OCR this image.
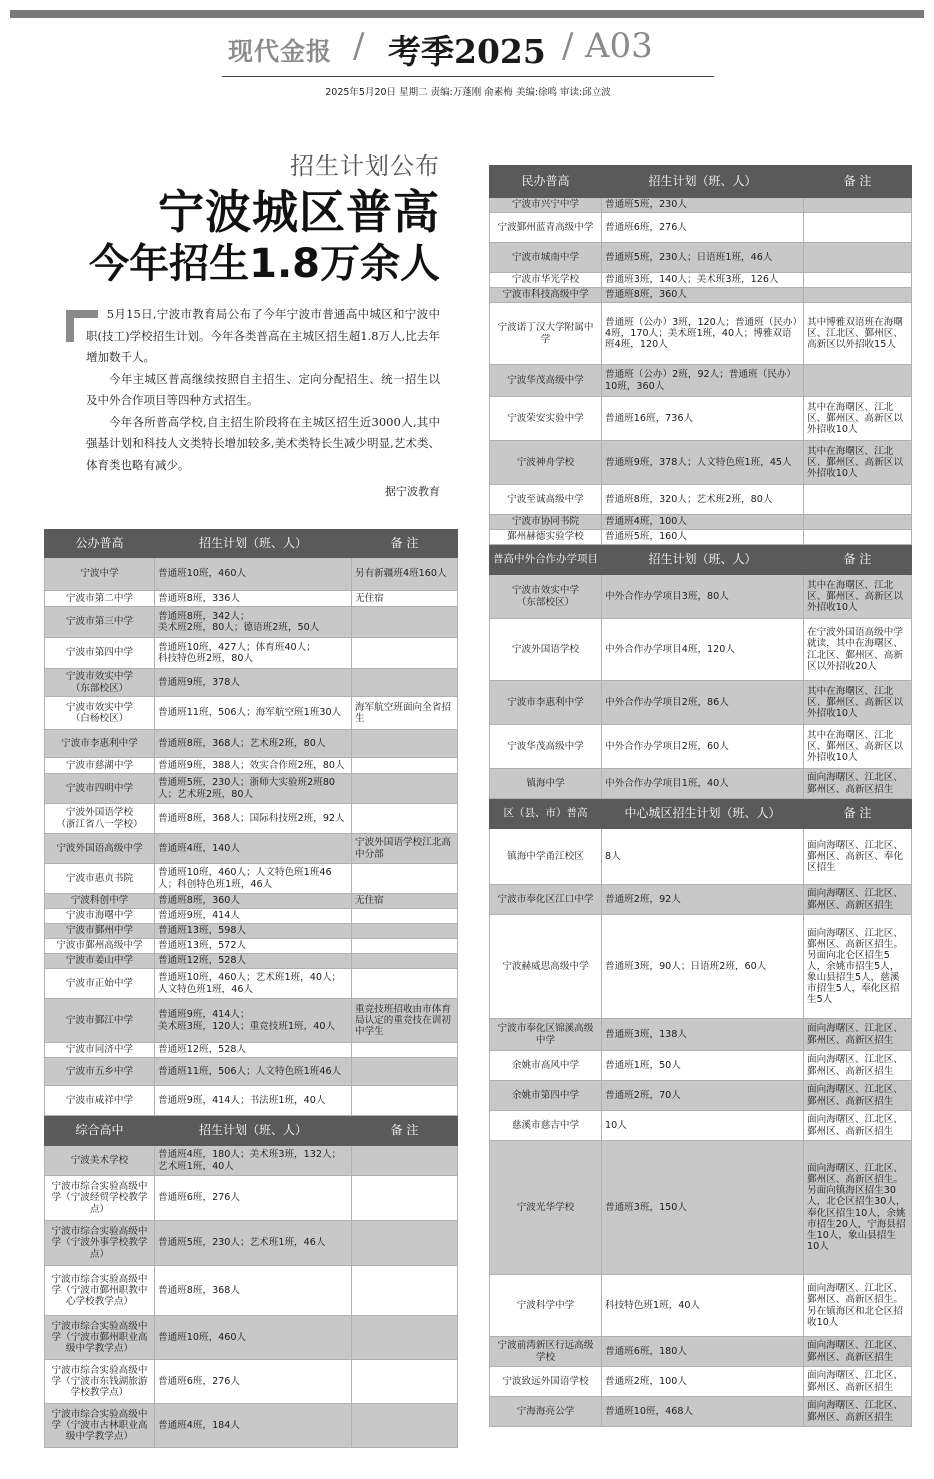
现代金报 / 考季2025 / A03
2025年5月20日 星期二 责编:万蓬刚 俞素梅 美编:徐鸣 审读:邱立波
招生计划公布
宁波城区普高
今年招生1.8万余人

5月15日,宁波市教育局公布了今年宁波市普通高中城区和宁波中职(技工)学校招生计划。今年各类普高在主城区招生超1.8万人,比去年增加数千人。

今年主城区普高继续按照自主招生、定向分配招生、统一招生以及中外合作项目等四种方式招生。

今年各所普高学校,自主招生阶段将在主城区招生近3000人,其中强基计划和科技人文类特长增加较多,美术类特长生减少明显,艺术类、体育类也略有减少。

据宁波教育
公办普高	招生计划（班、人）	备 注
宁波中学	普通班10班，460人	另有新疆班4班160人
宁波市第二中学	普通班8班，336人	无住宿
宁波市第三中学	普通班8班，342人；
美术班2班，80人；德语班2班，50人	
宁波市第四中学	普通班10班，427人；体育班40人；
科技特色班2班，80人	
宁波市效实中学
（东部校区）	普通班9班，378人	
宁波市效实中学
（白杨校区）	普通班11班，506人；海军航空班1班30人	海军航空班面向全省招生
宁波市李惠利中学	普通班8班，368人；艺术班2班，80人	
宁波市慈湖中学	普通班9班，388人；效实合作班2班，80人	
宁波市四明中学	普通班5班，230人；浙师大实验班2班80人；艺术班2班，80人	
宁波外国语学校
（浙江省八一学校）	普通班8班，368人；国际科技班2班，92人	
宁波外国语高级中学	普通班4班，140人	宁波外国语学校江北高中分部
宁波市惠贞书院	普通班10班，460人；人文特色班1班46人；科创特色班1班，46人	
宁波科创中学	普通班8班，360人	无住宿
宁波市海曙中学	普通班9班，414人	
宁波市鄞州中学	普通班13班，598人	
宁波市鄞州高级中学	普通班13班，572人	
宁波市姜山中学	普通班12班，528人	
宁波市正始中学	普通班10班，460人；艺术班1班，40人；人文特色班1班，46人	
宁波市鄞江中学	普通班9班，414人；
美术班3班，120人；重竞技班1班，40人	重竞技班招收由市体育局认定的重竞技在训初中学生
宁波市同济中学	普通班12班，528人	
宁波市五乡中学	普通班11班，506人；人文特色班1班46人	
宁波市咸祥中学	普通班9班，414人；书法班1班，40人	
综合高中	招生计划（班、人）	备 注
宁波美术学校	普通班4班，180人；美术班3班，132人；艺术班1班，40人	
宁波市综合实验高级中学（宁波经贸学校教学点）	普通班6班，276人	
宁波市综合实验高级中学（宁波外事学校教学点）	普通班5班，230人；艺术班1班，46人	
宁波市综合实验高级中学（宁波市鄞州职教中心学校教学点）	普通班8班，368人	
宁波市综合实验高级中学（宁波市鄞州职业高级中学教学点）	普通班10班，460人	
宁波市综合实验高级中学（宁波市东钱湖旅游学校教学点）	普通班6班，276人	
宁波市综合实验高级中学（宁波市古林职业高级中学教学点）	普通班4班，184人	
民办普高	招生计划（班、人）	备 注
宁波市兴宁中学	普通班5班，230人	
宁波鄞州蓝青高级中学	普通班6班，276人	
宁波市城南中学	普通班5班，230人；日语班1班，46人	
宁波市华光学校	普通班3班，140人；美术班3班，126人	
宁波市科技高级中学	普通班8班，360人	
宁波诺丁汉大学附属中学	普通班（公办）3班，120人；普通班（民办）4班，170人；美术班1班，40人；博雅双语班4班，120人	其中博雅双语班在海曙区、江北区、鄞州区、高新区以外招收15人
宁波华茂高级中学	普通班（公办）2班，92人；普通班（民办）10班，360人	
宁波荣安实验中学	普通班16班，736人	其中在海曙区、江北区、鄞州区、高新区以外招收10人
宁波神舟学校	普通班9班，378人；人文特色班1班，45人	其中在海曙区、江北区、鄞州区、高新区以外招收10人
宁波至诚高级中学	普通班8班，320人；艺术班2班，80人	
宁波市协同书院	普通班4班，100人	
鄞州赫德实验学校	普通班5班，160人	
普高中外合作办学项目	招生计划（班、人）	备 注
宁波市效实中学
（东部校区）	中外合作办学项目3班，80人	其中在海曙区、江北区、鄞州区、高新区以外招收10人
宁波外国语学校	中外合作办学项目4班，120人	在宁波外国语高级中学就读，其中在海曙区、江北区、鄞州区、高新区以外招收20人
宁波市李惠利中学	中外合作办学项目2班，86人	其中在海曙区、江北区、鄞州区、高新区以外招收10人
宁波华茂高级中学	中外合作办学项目2班，60人	其中在海曙区、江北区、鄞州区、高新区以外招收10人
镇海中学	中外合作办学项目1班，40人	面向海曙区、江北区、鄞州区、高新区招生
区（县、市）普高	中心城区招生计划（班、人）	备 注
镇海中学甬江校区	8人	面向海曙区、江北区、鄞州区、高新区、奉化区招生
宁波市奉化区江口中学	普通班2班，92人	面向海曙区、江北区、鄞州区、高新区招生
宁波赫威思高级中学	普通班3班，90人；日语班2班，60人	面向海曙区、江北区、鄞州区、高新区招生。另面向北仑区招生5人，余姚市招生5人，象山县招生5人，慈溪市招生5人，奉化区招生5人
宁波市奉化区锦溪高级中学	普通班3班，138人	面向海曙区、江北区、鄞州区、高新区招生
余姚市高风中学	普通班1班，50人	面向海曙区、江北区、鄞州区、高新区招生
余姚市第四中学	普通班2班，70人	面向海曙区、江北区、鄞州区、高新区招生
慈溪市慈吉中学	10人	面向海曙区、江北区、鄞州区、高新区招生
宁波光华学校	普通班3班，150人	面向海曙区、江北区、鄞州区、高新区招生。另面向镇海区招生30人，北仑区招生30人，奉化区招生10人，余姚市招生20人，宁海县招生10人，象山县招生10人
宁波科学中学	科技特色班1班，40人	面向海曙区、江北区、鄞州区、高新区招生。另在镇海区和北仑区招收10人
宁波前湾新区行远高级学校	普通班6班，180人	面向海曙区、江北区、鄞州区、高新区招生
宁波致远外国语学校	普通班2班，100人	面向海曙区、江北区、鄞州区、高新区招生
宁海海亮公学	普通班10班，468人	面向海曙区、江北区、鄞州区、高新区招生
